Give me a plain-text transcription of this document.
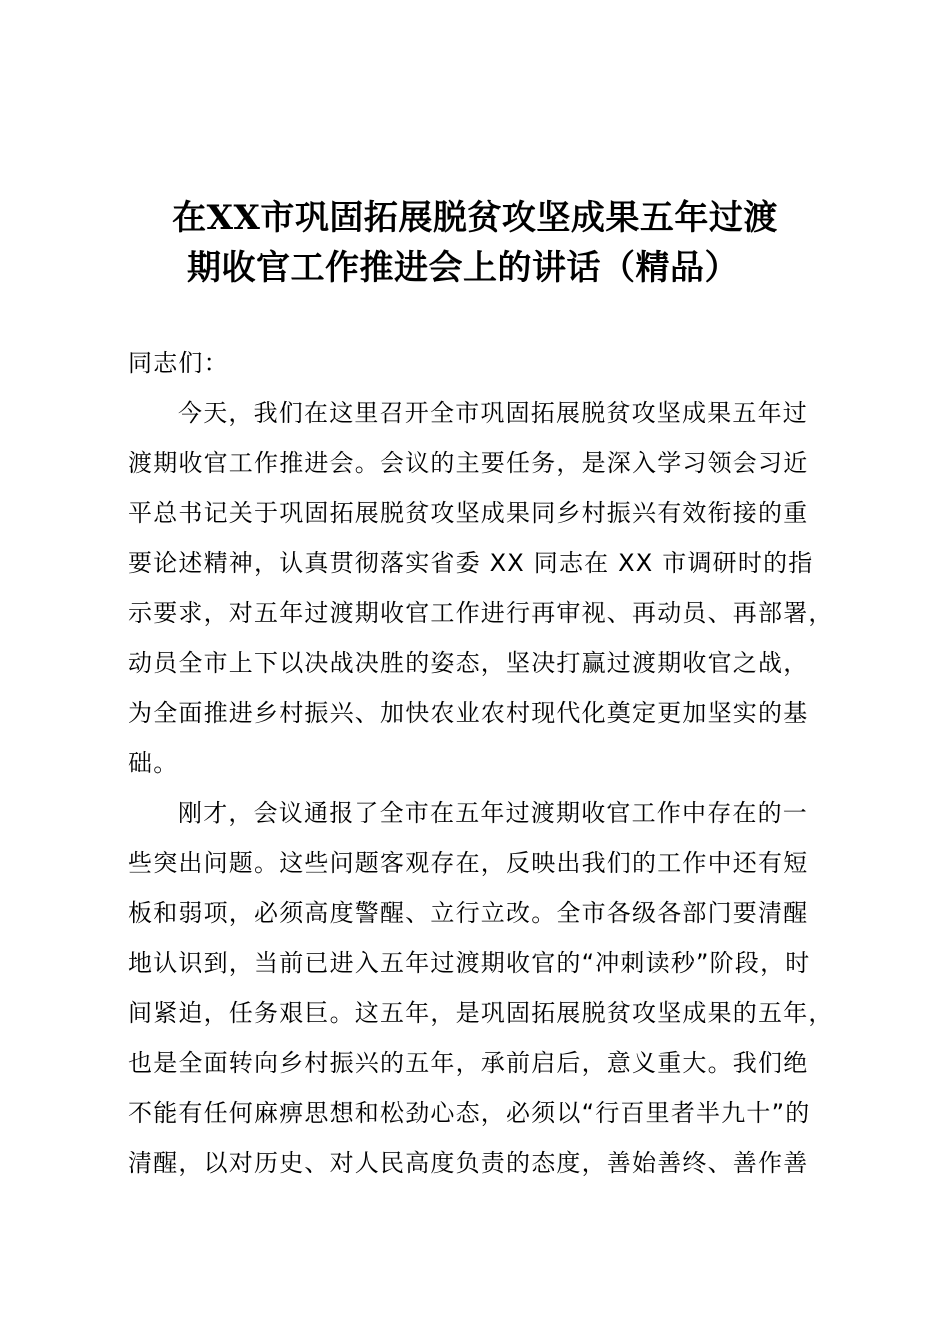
在XX市巩固拓展脱贫攻坚成果五年过渡
期收官工作推进会上的讲话（精品）
同志们：
今天，我们在这里召开全市巩固拓展脱贫攻坚成果五年过
渡期收官工作推进会。会议的主要任务，是深入学习领会习近
平总书记关于巩固拓展脱贫攻坚成果同乡村振兴有效衔接的重
要论述精神，认真贯彻落实省委 XX 同志在 XX 市调研时的指
示要求，对五年过渡期收官工作进行再审视、再动员、再部署，
动员全市上下以决战决胜的姿态，坚决打赢过渡期收官之战，
为全面推进乡村振兴、加快农业农村现代化奠定更加坚实的基
础。
刚才，会议通报了全市在五年过渡期收官工作中存在的一
些突出问题。这些问题客观存在，反映出我们的工作中还有短
板和弱项，必须高度警醒、立行立改。全市各级各部门要清醒
地认识到，当前已进入五年过渡期收官的“冲刺读秒”阶段，时
间紧迫，任务艰巨。这五年，是巩固拓展脱贫攻坚成果的五年，
也是全面转向乡村振兴的五年，承前启后，意义重大。我们绝
不能有任何麻痹思想和松劲心态，必须以“行百里者半九十”的
清醒，以对历史、对人民高度负责的态度，善始善终、善作善
